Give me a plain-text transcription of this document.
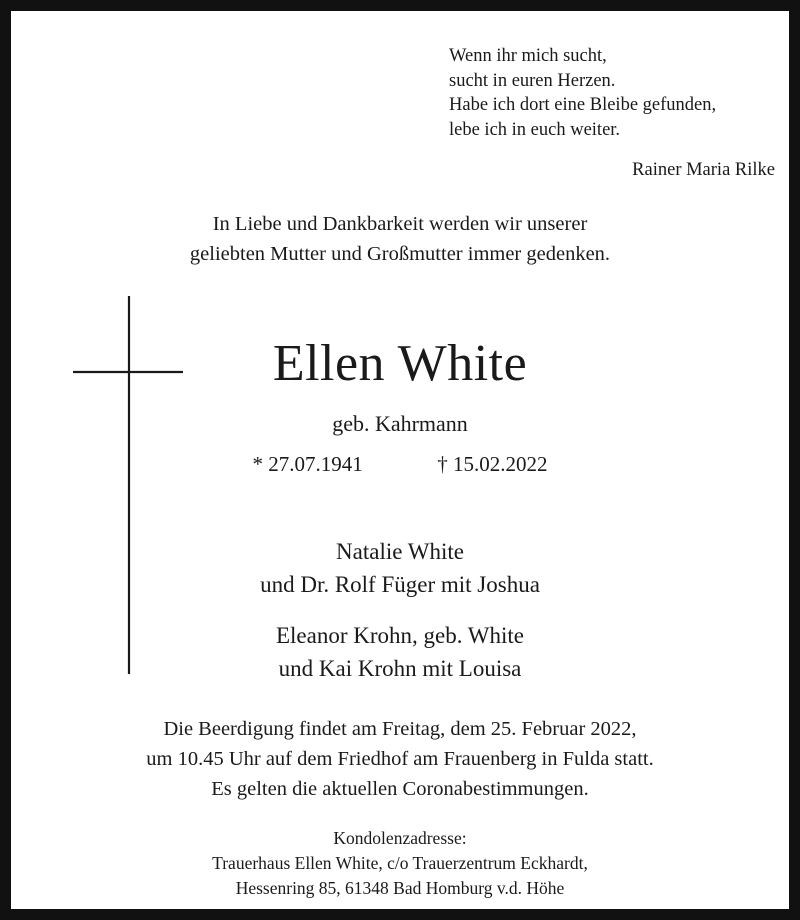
Wenn ihr mich sucht,
sucht in euren Herzen.
Habe ich dort eine Bleibe gefunden,
lebe ich in euch weiter.
Rainer Maria Rilke
In Liebe und Dankbarkeit werden wir unserer
geliebten Mutter und Großmutter immer gedenken.
Ellen White
geb. Kahrmann
* 27.07.1941	† 15.02.2022
Natalie White
und Dr. Rolf Füger mit Joshua
Eleanor Krohn, geb. White
und Kai Krohn mit Louisa
Die Beerdigung findet am Freitag, dem 25. Februar 2022,
um 10.45 Uhr auf dem Friedhof am Frauenberg in Fulda statt.
Es gelten die aktuellen Coronabestimmungen.
Kondolenzadresse:
Trauerhaus Ellen White, c/o Trauerzentrum Eckhardt,
Hessenring 85, 61348 Bad Homburg v.d. Höhe
